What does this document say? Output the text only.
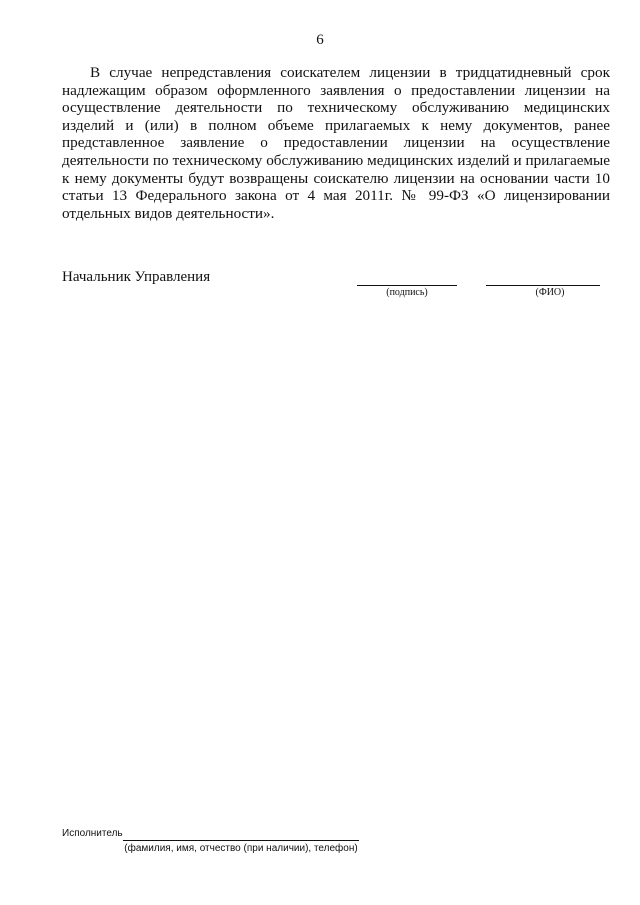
6

В случае непредставления соискателем лицензии в тридцатидневный срок надлежащим образом оформленного заявления о предоставлении лицензии на осуществление деятельности по техническому обслуживанию медицинских изделий и (или) в полном объеме прилагаемых к нему документов, ранее представленное заявление о предоставлении лицензии на осуществление деятельности по техническому обслуживанию медицинских изделий и прилагаемые к нему документы будут возвращены соискателю лицензии на основании части 10 статьи 13 Федерального закона от 4 мая 2011г. № 99-ФЗ «О лицензировании отдельных видов деятельности».

Начальник Управления
(подпись)	(ФИО)
Исполнитель
(фамилия, имя, отчество (при наличии), телефон)
